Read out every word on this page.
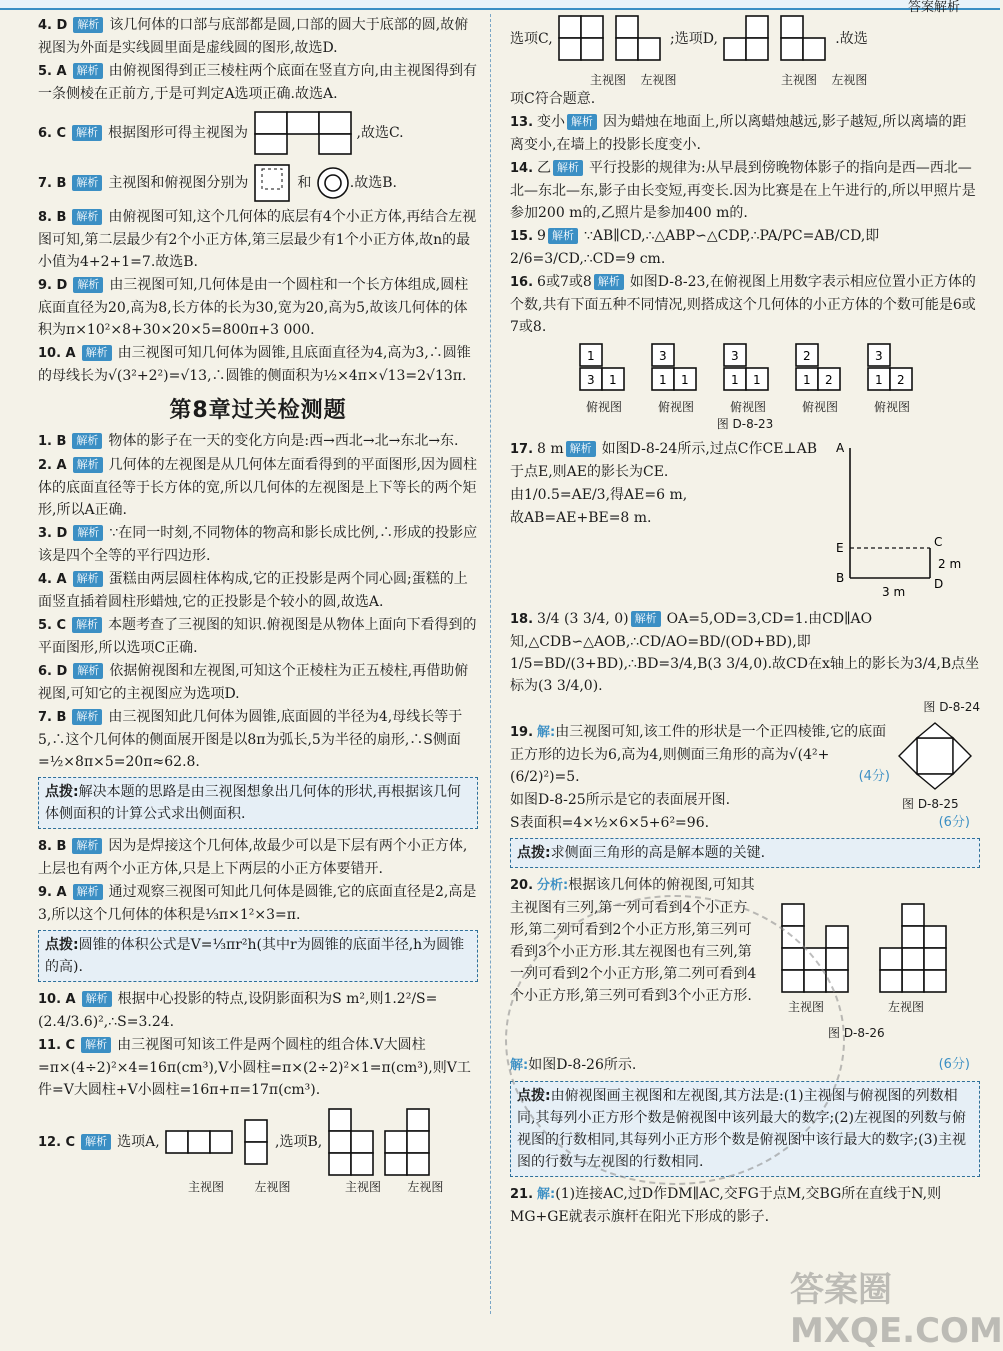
答案解析
4. D 解析 该几何体的口部与底部都是圆,口部的圆大于底部的圆,故俯视图为外面是实线圆里面是虚线圆的图形,故选D.
5. A 解析 由俯视图得到正三棱柱两个底面在竖直方向,由主视图得到有一条侧棱在正前方,于是可判定A选项正确.故选A.
6. C 解析 根据图形可得主视图为	,故选C.
7. B 解析 主视图和俯视图分别为	和	.故选B.
8. B 解析 由俯视图可知,这个几何体的底层有4个小正方体,再结合左视图可知,第二层最少有2个小正方体,第三层最少有1个小正方体,故n的最小值为4+2+1=7.故选B.
9. D 解析 由三视图可知,几何体是由一个圆柱和一个长方体组成,圆柱底面直径为20,高为8,长方体的长为30,宽为20,高为5,故该几何体的体积为π×10²×8+30×20×5=800π+3 000.
10. A 解析 由三视图可知几何体为圆锥,且底面直径为4,高为3,∴圆锥的母线长为√(3²+2²)=√13,∴圆锥的侧面积为½×4π×√13=2√13π.
第8章过关检测题
1. B 解析 物体的影子在一天的变化方向是:西→西北→北→东北→东.
2. A 解析 几何体的左视图是从几何体左面看得到的平面图形,因为圆柱体的底面直径等于长方体的宽,所以几何体的左视图是上下等长的两个矩形,所以A正确.
3. D 解析 ∵在同一时刻,不同物体的物高和影长成比例,∴形成的投影应该是四个全等的平行四边形.
4. A 解析 蛋糕由两层圆柱体构成,它的正投影是两个同心圆;蛋糕的上面竖直插着圆柱形蜡烛,它的正投影是个较小的圆,故选A.
5. C 解析 本题考查了三视图的知识.俯视图是从物体上面向下看得到的平面图形,所以选项C正确.
6. D 解析 依据俯视图和左视图,可知这个正棱柱为正五棱柱,再借助俯视图,可知它的主视图应为选项D.
7. B 解析 由三视图知此几何体为圆锥,底面圆的半径为4,母线长等于5,∴这个几何体的侧面展开图是以8π为弧长,5为半径的扇形,∴S侧面=½×8π×5=20π≈62.8.
点拨:解决本题的思路是由三视图想象出几何体的形状,再根据该几何体侧面积的计算公式求出侧面积.
8. B 解析 因为是焊接这个几何体,故最少可以是下层有两个小正方体,上层也有两个小正方体,只是上下两层的小正方体要错开.
9. A 解析 通过观察三视图可知此几何体是圆锥,它的底面直径是2,高是3,所以这个几何体的体积是⅓π×1²×3=π.
点拨:圆锥的体积公式是V=⅓πr²h(其中r为圆锥的底面半径,h为圆锥的高).
10. A 解析 根据中心投影的特点,设阴影面积为S m²,则1.2²/S=(2.4/3.6)²,∴S=3.24.
11. C 解析 由三视图可知该工件是两个圆柱的组合体.V大圆柱=π×(4÷2)²×4=16π(cm³),V小圆柱=π×(2÷2)²×1=π(cm³),则V工件=V大圆柱+V小圆柱=16π+π=17π(cm³).
12. C 解析 选项A,	,选项B,
主视图	左视图	主视图 左视图
选项C,	;选项D,	.故选
主视图 左视图	主视图 左视图
项C符合题意.
13. 变小 解析 因为蜡烛在地面上,所以离蜡烛越远,影子越短,所以离墙的距离变小,在墙上的投影长度变小.
14. 乙 解析 平行投影的规律为:从早晨到傍晚物体影子的指向是西—西北—北—东北—东,影子由长变短,再变长.因为比赛是在上午进行的,所以甲照片是参加200 m的,乙照片是参加400 m的.
15. 9 解析 ∵AB∥CD,∴△ABP∽△CDP,∴PA/PC=AB/CD,即2/6=3/CD,∴CD=9 cm.
16. 6或7或8 解析 如图D-8-23,在俯视图上用数字表示相应位置小正方体的个数,共有下面五种不同情况,则搭成这个几何体的小正方体的个数可能是6或7或8.
1
3 1
俯视图
3
1 1
俯视图
3
1 1
俯视图
2
1 2
俯视图
3
1 2
俯视图
图 D-8-23
17. 8 m 解析 如图D-8-24所示,过点C作CE⊥AB于点E,则AE的影长为CE.
由1/0.5=AE/3,得AE=6 m,
故AB=AE+BE=8 m.
A
E
B
C
D
2 m
3 m
18. 3/4 (3 3/4, 0) 解析 OA=5,OD=3,CD=1.由CD∥AO知,△CDB∽△AOB,∴CD/AO=BD/(OD+BD),即1/5=BD/(3+BD),∴BD=3/4,B(3 3/4,0).故CD在x轴上的影长为3/4,B点坐标为(3 3/4,0).
图 D-8-24
19. 解:由三视图可知,该工件的形状是一个正四棱锥,它的底面正方形的边长为6,高为4,则侧面三角形的高为√(4²+(6/2)²)=5.	(4分)
如图D-8-25所示是它的表面展开图.
S表面积=4×½×6×5+6²=96.	(6分)
图 D-8-25
点拨:求侧面三角形的高是解本题的关键.
20. 分析:根据该几何体的俯视图,可知其主视图有三列,第一列可看到4个小正方形,第二列可看到2个小正方形,第三列可看到3个小正方形.其左视图也有三列,第一列可看到2个小正方形,第二列可看到4个小正方形,第三列可看到3个小正方形.
主视图	左视图
图 D-8-26
解:如图D-8-26所示.	(6分)
点拨:由俯视图画主视图和左视图,其方法是:(1)主视图与俯视图的列数相同,其每列小正方形个数是俯视图中该列最大的数字;(2)左视图的列数与俯视图的行数相同,其每列小正方形个数是俯视图中该行最大的数字;(3)主视图的行数与左视图的行数相同.
21. 解:(1)连接AC,过D作DM∥AC,交FG于点M,交BG所在直线于N,则MG+GE就表示旗杆在阳光下形成的影子.
答案圈 MXQE.COM
